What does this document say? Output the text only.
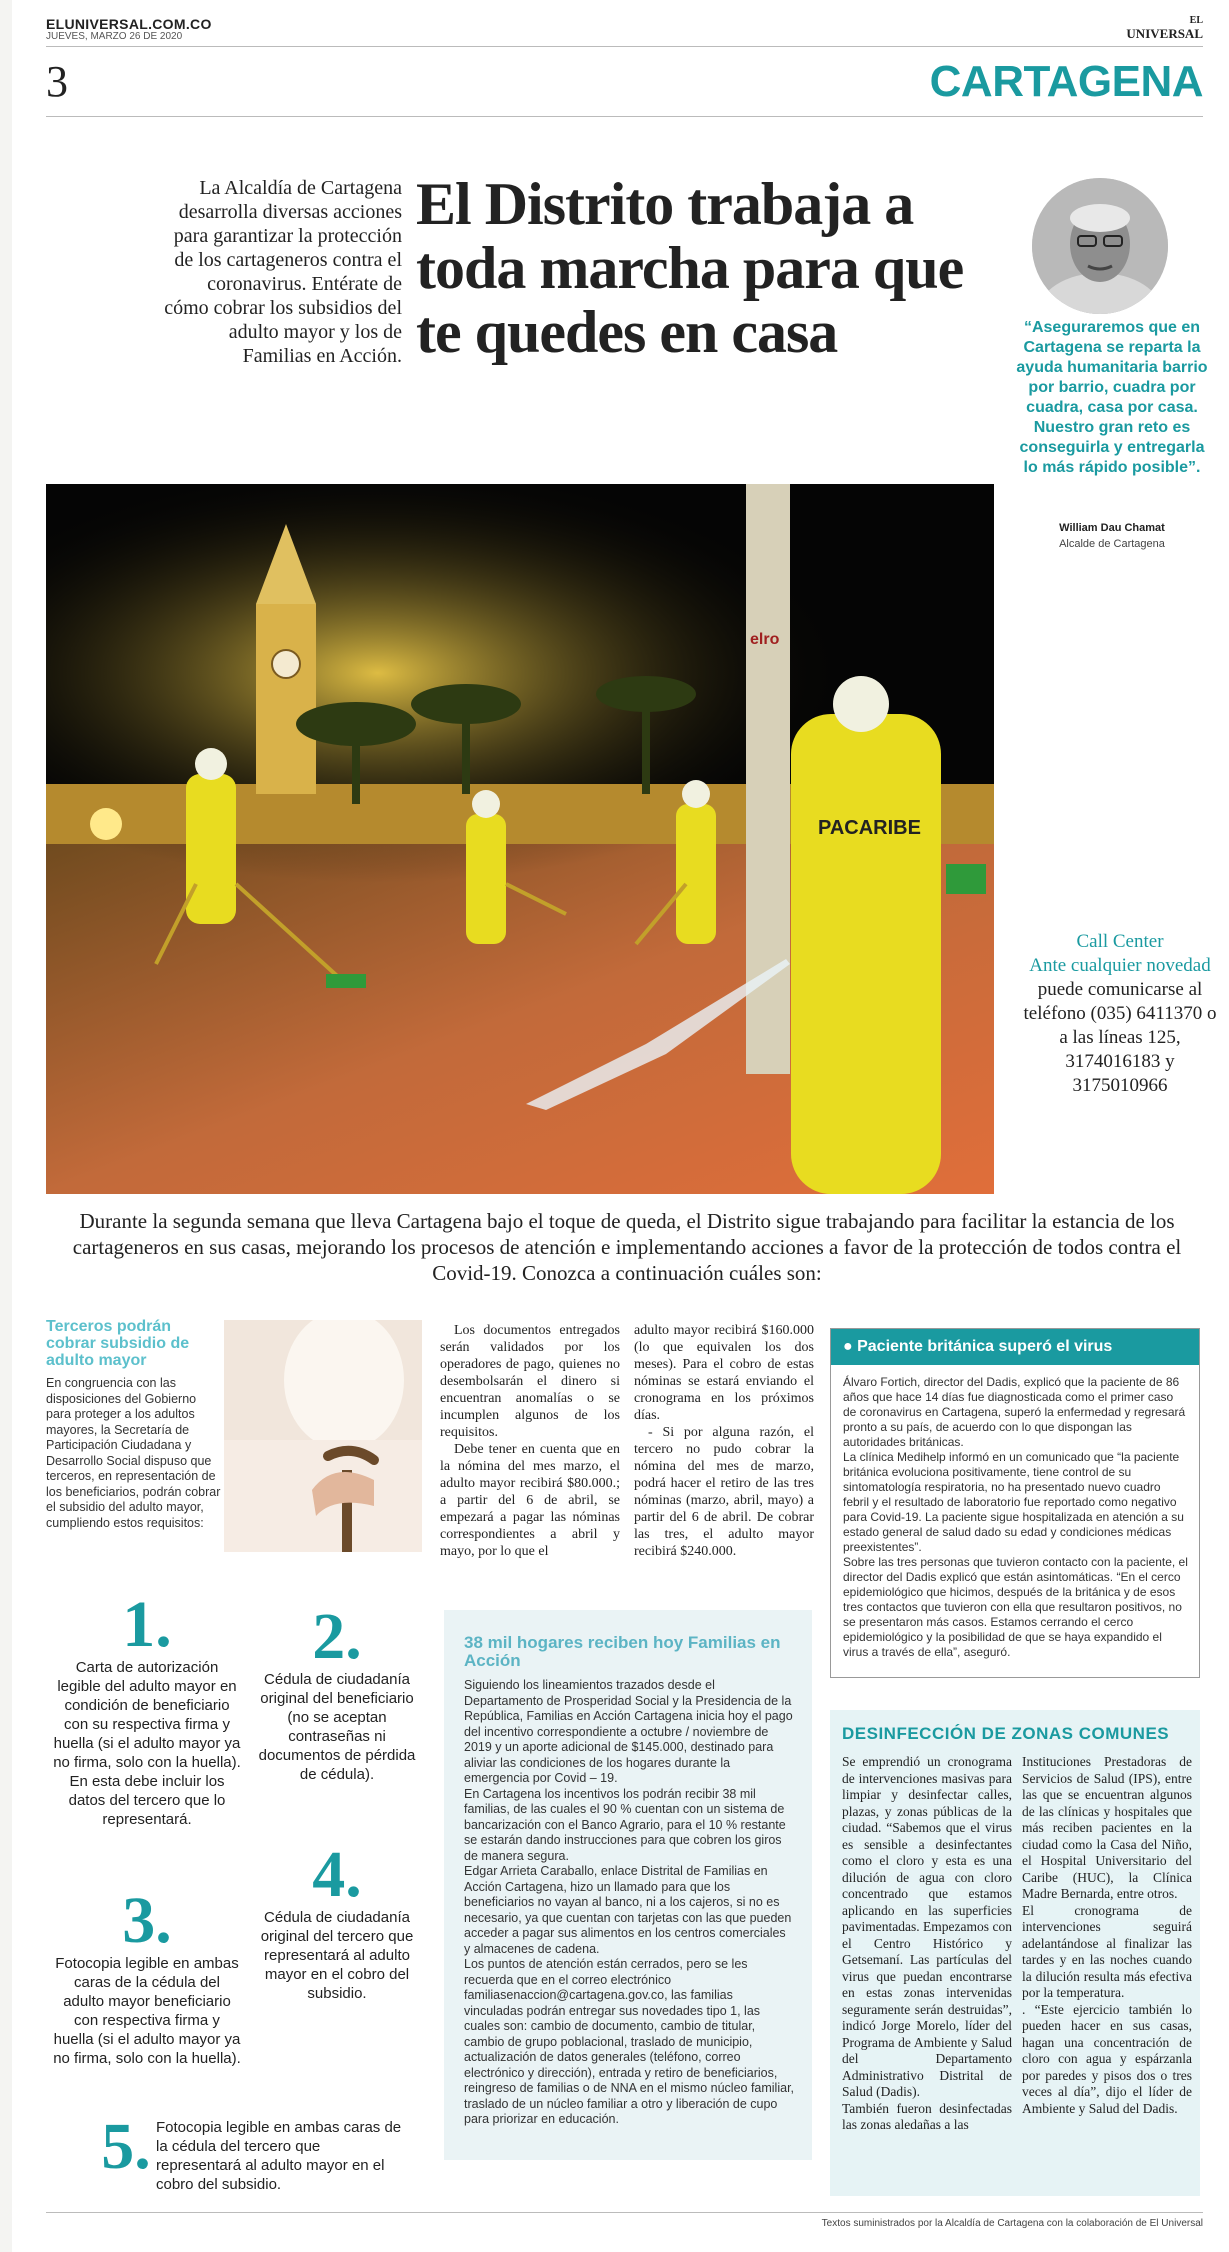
ELUNIVERSAL.COM.CO
JUEVES, MARZO 26 DE 2020
EL
UNIVERSAL
3	CARTAGENA
La Alcaldía de Cartagena desarrolla diversas acciones para garantizar la protección de los cartageneros contra el coronavirus. Entérate de cómo cobrar los subsidios del adulto mayor y los de Familias en Acción.
El Distrito trabaja a toda marcha para que te quedes en casa	“Aseguraremos que en Cartagena se reparta la ayuda humanitaria barrio por barrio, cuadra por cuadra, casa por casa. Nuestro gran reto es conseguirla y entregarla lo más rápido posible”.
William Dau Chamat
Alcalde de Cartagena
elro
PACARIBE
Call Center
Ante cualquier novedad puede comunicarse al teléfono (035) 6411370 o a las líneas 125, 3174016183 y 3175010966
Durante la segunda semana que lleva Cartagena bajo el toque de queda, el Distrito sigue trabajando para facilitar la estancia de los cartageneros en sus casas, mejorando los procesos de atención e implementando acciones a favor de la protección de todos contra el Covid-19. Conozca a continuación cuáles son:
Terceros podrán cobrar subsidio de adulto mayor
En congruencia con las disposiciones del Gobierno para proteger a los adultos mayores, la Secretaría de Participación Ciudadana y Desarrollo Social dispuso que terceros, en representación de los beneficiarios, podrán cobrar el subsidio del adulto mayor, cumpliendo estos requisitos:

Los documentos entregados serán validados por los operadores de pago, quienes no desembolsarán el dinero si encuentran anomalías o se incumplen algunos de los requisitos.

Debe tener en cuenta que en la nómina del mes marzo, el adulto mayor recibirá $80.000.; a partir del 6 de abril, se empezará a pagar las nóminas correspondientes a abril y mayo, por lo que el

adulto mayor recibirá $160.000 (lo que equivalen los dos meses). Para el cobro de estas nóminas se estará enviando el cronograma en los próximos días.

- Si por alguna razón, el tercero no pudo cobrar la nómina del mes de marzo, podrá hacer el retiro de las tres nóminas (marzo, abril, mayo) a partir del 6 de abril. De cobrar las tres, el adulto mayor recibirá $240.000.

1.
Carta de autorización legible del adulto mayor en condición de beneficiario con su respectiva firma y huella (si el adulto mayor ya no firma, solo con la huella). En esta debe incluir los datos del tercero que lo representará.
2.
Cédula de ciudadanía original del beneficiario (no se aceptan contraseñas ni documentos de pérdida de cédula).
3.
Fotocopia legible en ambas caras de la cédula del adulto mayor beneficiario con respectiva firma y huella (si el adulto mayor ya no firma, solo con la huella).
4.
Cédula de ciudadanía original del tercero que representará al adulto mayor en el cobro del subsidio.
5. Fotocopia legible en ambas caras de la cédula del tercero que representará al adulto mayor en el cobro del subsidio.
38 mil hogares reciben hoy Familias en Acción

Siguiendo los lineamientos trazados desde el Departamento de Prosperidad Social y la Presidencia de la República, Familias en Acción Cartagena inicia hoy el pago del incentivo correspondiente a octubre / noviembre de 2019 y un aporte adicional de $145.000, destinado para aliviar las condiciones de los hogares durante la emergencia por Covid – 19.

En Cartagena los incentivos los podrán recibir 38 mil familias, de las cuales el 90 % cuentan con un sistema de bancarización con el Banco Agrario, para el 10 % restante se estarán dando instrucciones para que cobren los giros de manera segura.

Edgar Arrieta Caraballo, enlace Distrital de Familias en Acción Cartagena, hizo un llamado para que los beneficiarios no vayan al banco, ni a los cajeros, si no es necesario, ya que cuentan con tarjetas con las que pueden acceder a pagar sus alimentos en los centros comerciales y almacenes de cadena.

Los puntos de atención están cerrados, pero se les recuerda que en el correo electrónico familiasenaccion@cartagena.gov.co, las familias vinculadas podrán entregar sus novedades tipo 1, las cuales son: cambio de documento, cambio de titular, cambio de grupo poblacional, traslado de municipio, actualización de datos generales (teléfono, correo electrónico y dirección), entrada y retiro de beneficiarios, reingreso de familias o de NNA en el mismo núcleo familiar, traslado de un núcleo familiar a otro y liberación de cupo para priorizar en educación.

● Paciente británica superó el virus

Álvaro Fortich, director del Dadis, explicó que la paciente de 86 años que hace 14 días fue diagnosticada como el primer caso de coronavirus en Cartagena, superó la enfermedad y regresará pronto a su país, de acuerdo con lo que dispongan las autoridades británicas.

La clínica Medihelp informó en un comunicado que “la paciente británica evoluciona positivamente, tiene control de su sintomatología respiratoria, no ha presentado nuevo cuadro febril y el resultado de laboratorio fue reportado como negativo para Covid-19. La paciente sigue hospitalizada en atención a su estado general de salud dado su edad y condiciones médicas preexistentes”.

Sobre las tres personas que tuvieron contacto con la paciente, el director del Dadis explicó que están asintomáticas. “En el cerco epidemiológico que hicimos, después de la británica y de esos tres contactos que tuvieron con ella que resultaron positivos, no se presentaron más casos. Estamos cerrando el cerco epidemiológico y la posibilidad de que se haya expandido el virus a través de ella”, aseguró.

DESINFECCIÓN DE ZONAS COMUNES

Se emprendió un cronograma de intervenciones masivas para limpiar y desinfectar calles, plazas, y zonas públicas de la ciudad. “Sabemos que el virus es sensible a desinfectantes como el cloro y esta es una dilución de agua con cloro concentrado que estamos aplicando en las superficies pavimentadas. Empezamos con el Centro Histórico y Getsemaní. Las partículas del virus que puedan encontrarse en estas zonas intervenidas seguramente serán destruidas”, indicó Jorge Morelo, líder del Programa de Ambiente y Salud del Departamento Administrativo Distrital de Salud (Dadis).

También fueron desinfectadas las zonas aledañas a las

Instituciones Prestadoras de Servicios de Salud (IPS), entre las que se encuentran algunos de las clínicas y hospitales que más reciben pacientes en la ciudad como la Casa del Niño, el Hospital Universitario del Caribe (HUC), la Clínica Madre Bernarda, entre otros.

El cronograma de intervenciones seguirá adelantándose al finalizar las tardes y en las noches cuando la dilución resulta más efectiva por la temperatura.

. “Este ejercicio también lo pueden hacer en sus casas, hagan una concentración de cloro con agua y espárzanla por paredes y pisos dos o tres veces al día”, dijo el líder de Ambiente y Salud del Dadis.

Textos suministrados por la Alcaldía de Cartagena con la colaboración de El Universal
